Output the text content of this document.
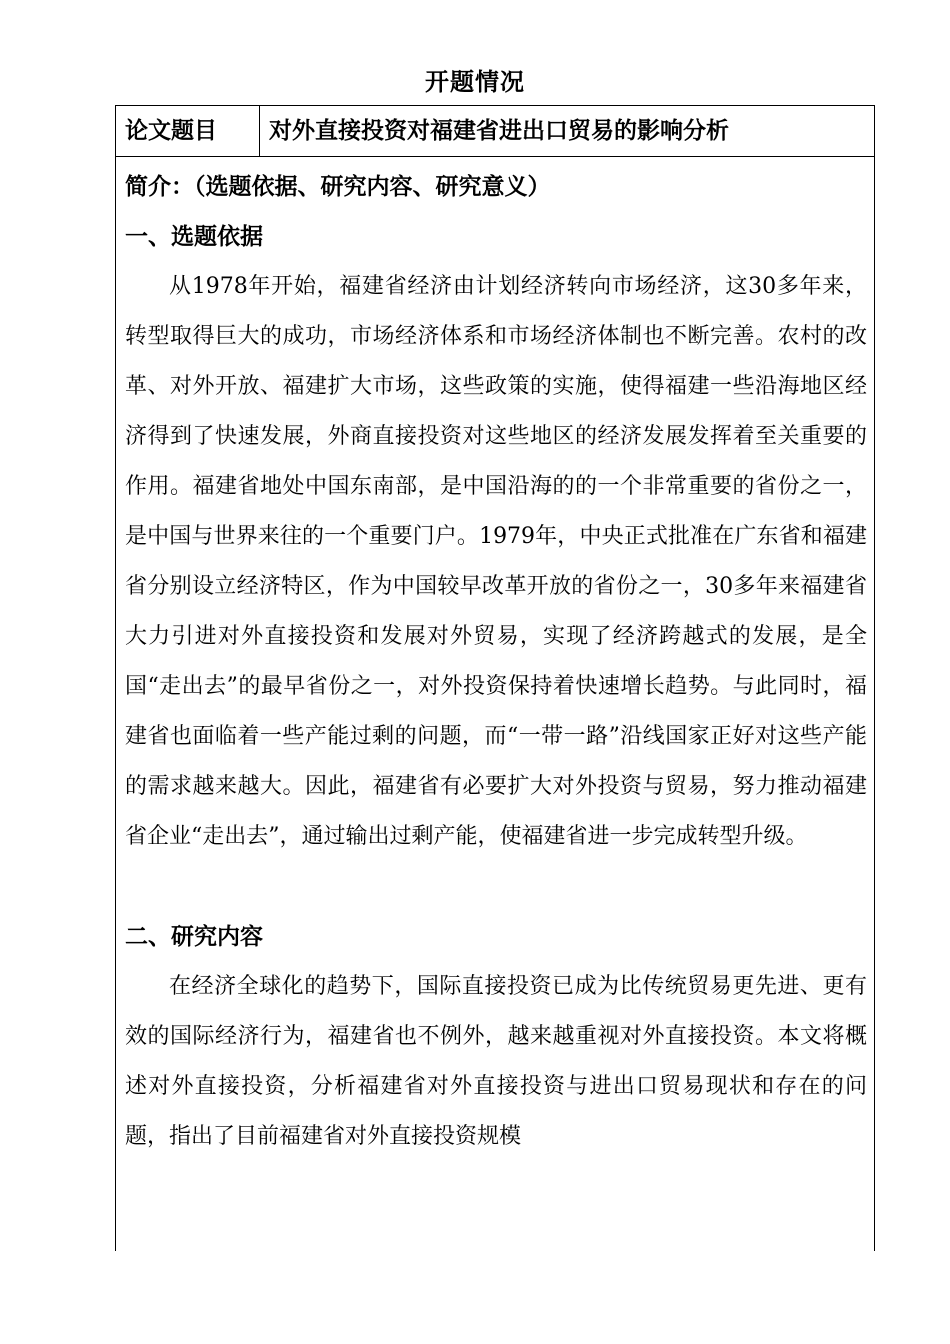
开题情况
论文题目	对外直接投资对福建省进出口贸易的影响分析
简介：（选题依据、研究内容、研究意义）
一、选题依据

从1978年开始，福建省经济由计划经济转向市场经济，这30多年来，转型取得巨大的成功，市场经济体系和市场经济体制也不断完善。农村的改革、对外开放、福建扩大市场，这些政策的实施，使得福建一些沿海地区经济得到了快速发展，外商直接投资对这些地区的经济发展发挥着至关重要的作用。福建省地处中国东南部，是中国沿海的的一个非常重要的省份之一，是中国与世界来往的一个重要门户。1979年，中央正式批准在广东省和福建省分别设立经济特区，作为中国较早改革开放的省份之一，30多年来福建省大力引进对外直接投资和发展对外贸易，实现了经济跨越式的发展，是全国“走出去”的最早省份之一，对外投资保持着快速增长趋势。与此同时，福建省也面临着一些产能过剩的问题，而“一带一路”沿线国家正好对这些产能的需求越来越大。因此，福建省有必要扩大对外投资与贸易，努力推动福建省企业“走出去”，通过输出过剩产能，使福建省进一步完成转型升级。

二、研究内容

在经济全球化的趋势下，国际直接投资已成为比传统贸易更先进、更有效的国际经济行为，福建省也不例外，越来越重视对外直接投资。本文将概述对外直接投资，分析福建省对外直接投资与进出口贸易现状和存在的问题，指出了目前福建省对外直接投资规模
